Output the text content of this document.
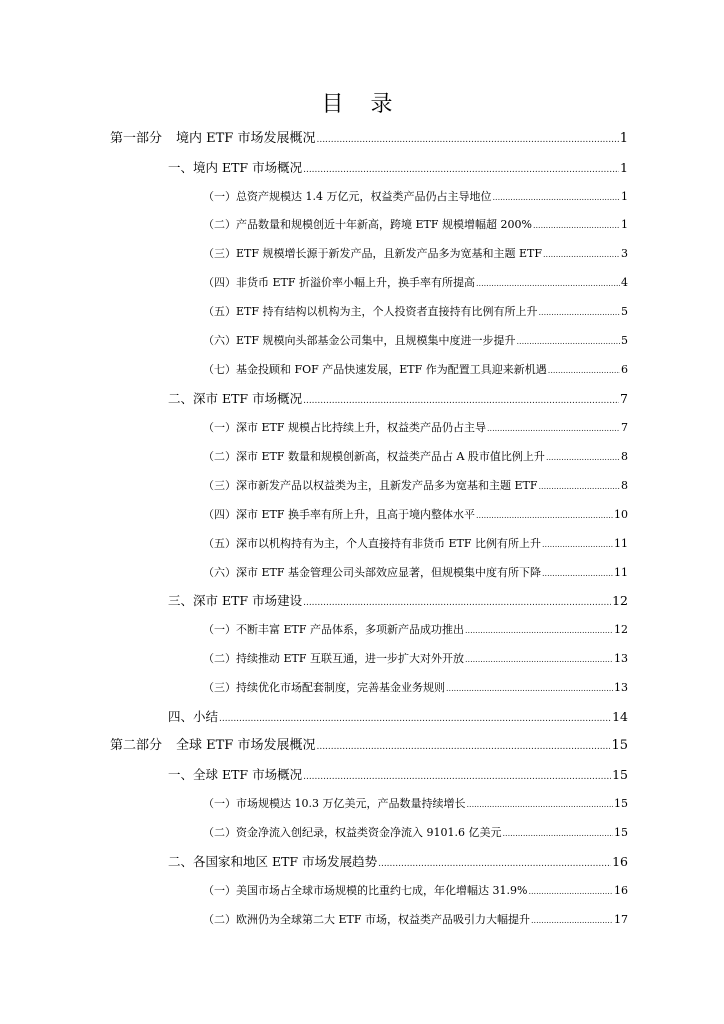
目 录
第一部分 境内 ETF 市场发展概况 .....	1
一、境内 ETF 市场概况 .....	1
（一）总资产规模达 1.4 万亿元，权益类产品仍占主导地位 .....	1
（二）产品数量和规模创近十年新高，跨境 ETF 规模增幅超 200% .....	1
（三）ETF 规模增长源于新发产品，且新发产品多为宽基和主题 ETF .....	3
（四）非货币 ETF 折溢价率小幅上升，换手率有所提高 .....	4
（五）ETF 持有结构以机构为主，个人投资者直接持有比例有所上升 .....	5
（六）ETF 规模向头部基金公司集中，且规模集中度进一步提升 .....	5
（七）基金投顾和 FOF 产品快速发展，ETF 作为配置工具迎来新机遇 .....	6
二、深市 ETF 市场概况 .....	7
（一）深市 ETF 规模占比持续上升，权益类产品仍占主导 .....	7
（二）深市 ETF 数量和规模创新高，权益类产品占 A 股市值比例上升 .....	8
（三）深市新发产品以权益类为主，且新发产品多为宽基和主题 ETF .....	8
（四）深市 ETF 换手率有所上升，且高于境内整体水平 .....	10
（五）深市以机构持有为主，个人直接持有非货币 ETF 比例有所上升 .....	11
（六）深市 ETF 基金管理公司头部效应显著，但规模集中度有所下降 .....	11
三、深市 ETF 市场建设 .....	12
（一）不断丰富 ETF 产品体系，多项新产品成功推出 .....	12
（二）持续推动 ETF 互联互通，进一步扩大对外开放 .....	13
（三）持续优化市场配套制度，完善基金业务规则 .....	13
四、小结 .....	14
第二部分 全球 ETF 市场发展概况 .....	15
一、全球 ETF 市场概况 .....	15
（一）市场规模达 10.3 万亿美元，产品数量持续增长 .....	15
（二）资金净流入创纪录，权益类资金净流入 9101.6 亿美元 .....	15
二、各国家和地区 ETF 市场发展趋势 .....	16
（一）美国市场占全球市场规模的比重约七成，年化增幅达 31.9% .....	16
（二）欧洲仍为全球第二大 ETF 市场，权益类产品吸引力大幅提升 .....	17
